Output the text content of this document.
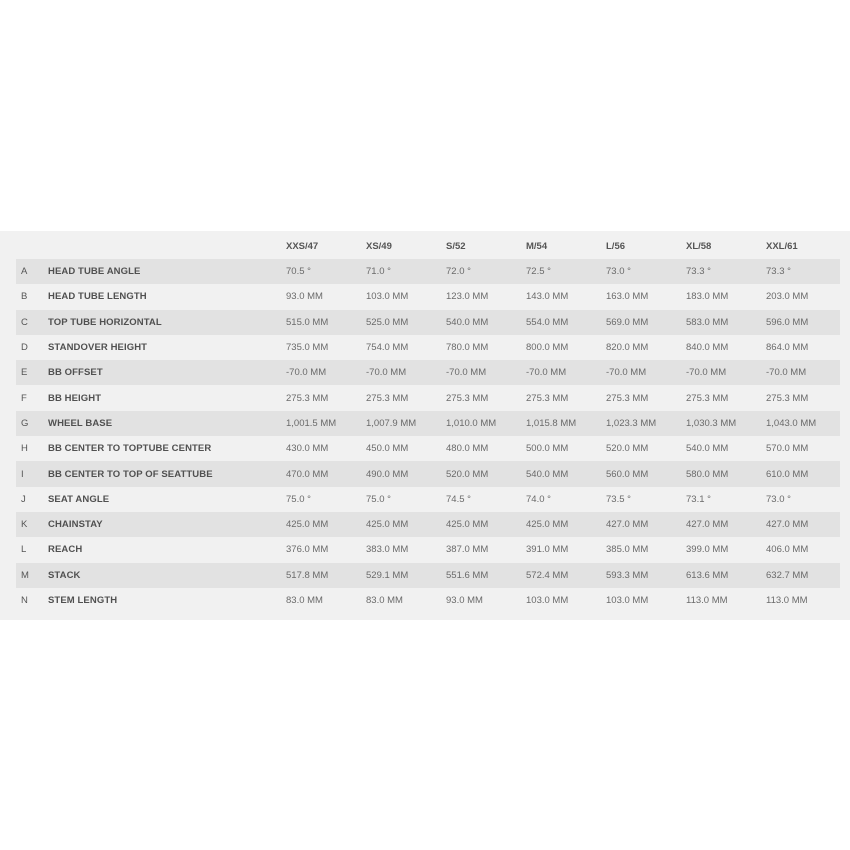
		XXS/47	XS/49	S/52	M/54	L/56	XL/58	XXL/61
A	HEAD TUBE ANGLE	70.5 °	71.0 °	72.0 °	72.5 °	73.0 °	73.3 °	73.3 °
B	HEAD TUBE LENGTH	93.0 MM	103.0 MM	123.0 MM	143.0 MM	163.0 MM	183.0 MM	203.0 MM
C	TOP TUBE HORIZONTAL	515.0 MM	525.0 MM	540.0 MM	554.0 MM	569.0 MM	583.0 MM	596.0 MM
D	STANDOVER HEIGHT	735.0 MM	754.0 MM	780.0 MM	800.0 MM	820.0 MM	840.0 MM	864.0 MM
E	BB OFFSET	-70.0 MM	-70.0 MM	-70.0 MM	-70.0 MM	-70.0 MM	-70.0 MM	-70.0 MM
F	BB HEIGHT	275.3 MM	275.3 MM	275.3 MM	275.3 MM	275.3 MM	275.3 MM	275.3 MM
G	WHEEL BASE	1,001.5 MM	1,007.9 MM	1,010.0 MM	1,015.8 MM	1,023.3 MM	1,030.3 MM	1,043.0 MM
H	BB CENTER TO TOPTUBE CENTER	430.0 MM	450.0 MM	480.0 MM	500.0 MM	520.0 MM	540.0 MM	570.0 MM
I	BB CENTER TO TOP OF SEATTUBE	470.0 MM	490.0 MM	520.0 MM	540.0 MM	560.0 MM	580.0 MM	610.0 MM
J	SEAT ANGLE	75.0 °	75.0 °	74.5 °	74.0 °	73.5 °	73.1 °	73.0 °
K	CHAINSTAY	425.0 MM	425.0 MM	425.0 MM	425.0 MM	427.0 MM	427.0 MM	427.0 MM
L	REACH	376.0 MM	383.0 MM	387.0 MM	391.0 MM	385.0 MM	399.0 MM	406.0 MM
M	STACK	517.8 MM	529.1 MM	551.6 MM	572.4 MM	593.3 MM	613.6 MM	632.7 MM
N	STEM LENGTH	83.0 MM	83.0 MM	93.0 MM	103.0 MM	103.0 MM	113.0 MM	113.0 MM
